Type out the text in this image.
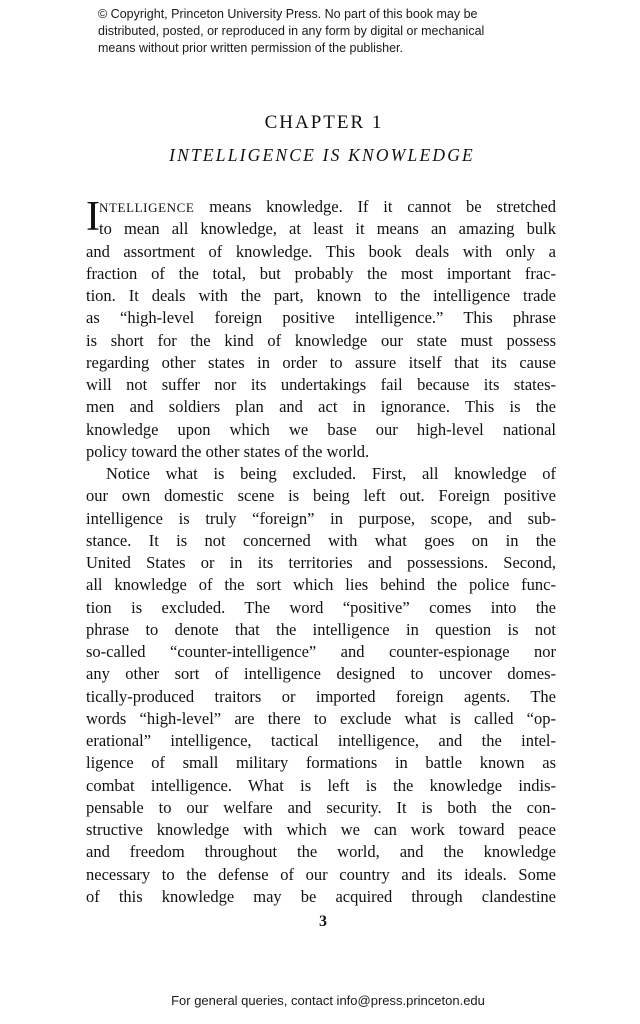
© Copyright, Princeton University Press. No part of this book may be
distributed, posted, or reproduced in any form by digital or mechanical
means without prior written permission of the publisher.
CHAPTER 1
INTELLIGENCE IS KNOWLEDGE
I NTELLIGENCE means knowledge. If it cannot be stretched
to mean all knowledge, at least it means an amazing bulk
and assortment of knowledge. This book deals with only a
fraction of the total, but probably the most important frac-
tion. It deals with the part, known to the intelligence trade
as “high-level foreign positive intelligence.” This phrase
is short for the kind of knowledge our state must possess
regarding other states in order to assure itself that its cause
will not suffer nor its undertakings fail because its states-
men and soldiers plan and act in ignorance. This is the
knowledge upon which we base our high-level national
policy toward the other states of the world.
Notice what is being excluded. First, all knowledge of
our own domestic scene is being left out. Foreign positive
intelligence is truly “foreign” in purpose, scope, and sub-
stance. It is not concerned with what goes on in the
United States or in its territories and possessions. Second,
all knowledge of the sort which lies behind the police func-
tion is excluded. The word “positive” comes into the
phrase to denote that the intelligence in question is not
so-called “counter-intelligence” and counter-espionage nor
any other sort of intelligence designed to uncover domes-
tically-produced traitors or imported foreign agents. The
words “high-level” are there to exclude what is called “op-
erational” intelligence, tactical intelligence, and the intel-
ligence of small military formations in battle known as
combat intelligence. What is left is the knowledge indis-
pensable to our welfare and security. It is both the con-
structive knowledge with which we can work toward peace
and freedom throughout the world, and the knowledge
necessary to the defense of our country and its ideals. Some
of this knowledge may be acquired through clandestine
3
For general queries, contact info@press.princeton.edu
